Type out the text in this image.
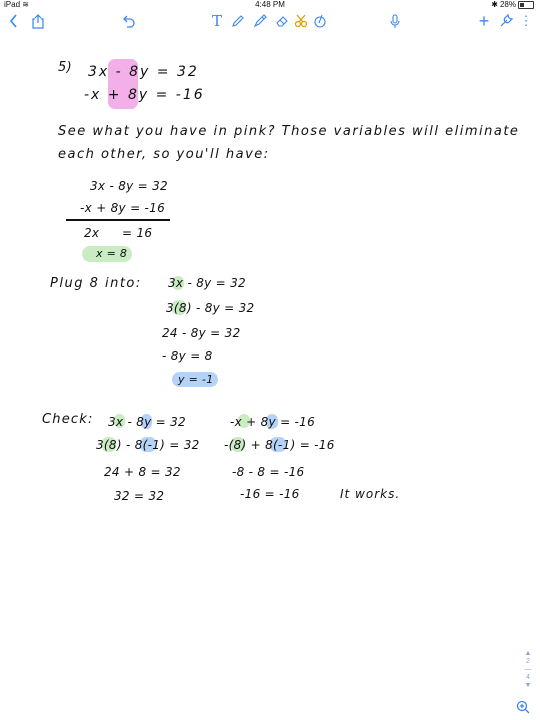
iPad ≋	4:48 PM	✱ 28%
T	+ ⋮
5) 3x - 8y = 32
-x + 8y = -16
See what you have in pink? Those variables will eliminate
each other, so you'll have:
3x - 8y = 32
-x + 8y = -16
2x = 16
x = 8
Plug 8 into: 3x - 8y = 32
3(8) - 8y = 32
24 - 8y = 32
- 8y = 8
y = -1
Check: 3x - 8y = 32
3(8) - 8(-1) = 32
24 + 8 = 32
32 = 32
-x + 8y = -16
-(8) + 8(-1) = -16
-8 - 8 = -16
-16 = -16	It works.
▲
2
―
4
▼
